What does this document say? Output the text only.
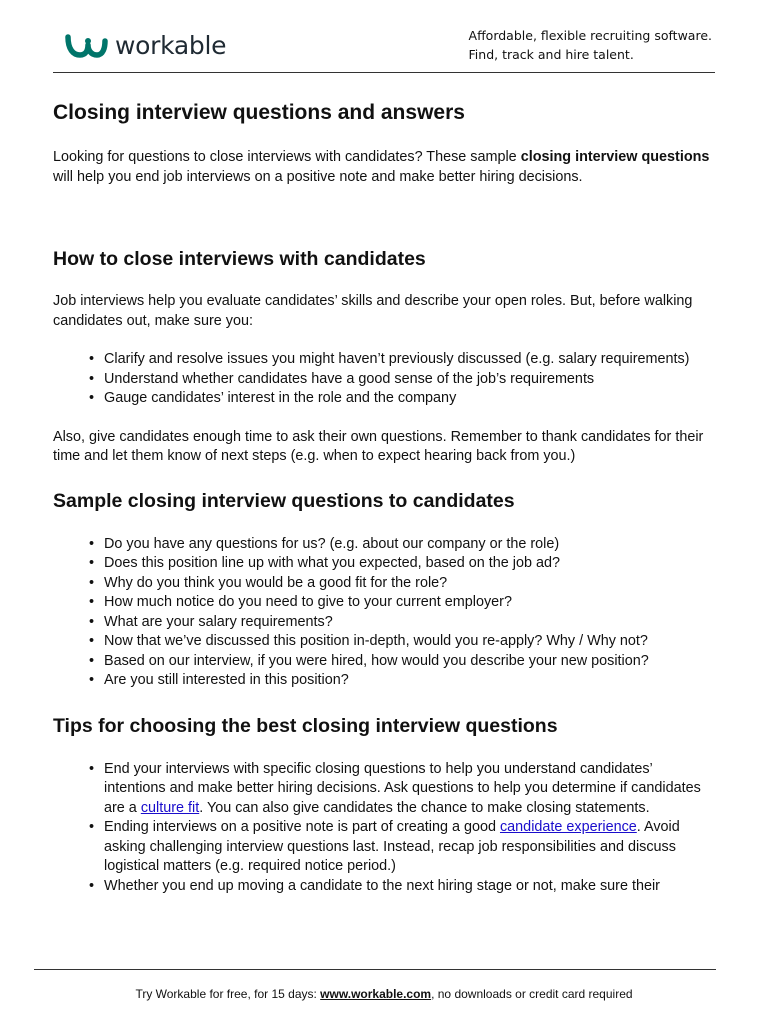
workable	Affordable, flexible recruiting software.
Find, track and hire talent.
Closing interview questions and answers

Looking for questions to close interviews with candidates? These sample closing interview questions will help you end job interviews on a positive note and make better hiring decisions.

How to close interviews with candidates

Job interviews help you evaluate candidates’ skills and describe your open roles. But, before walking candidates out, make sure you:

• Clarify and resolve issues you might haven’t previously discussed (e.g. salary requirements)
• Understand whether candidates have a good sense of the job’s requirements
• Gauge candidates’ interest in the role and the company

Also, give candidates enough time to ask their own questions. Remember to thank candidates for their time and let them know of next steps (e.g. when to expect hearing back from you.)

Sample closing interview questions to candidates
• Do you have any questions for us? (e.g. about our company or the role)
• Does this position line up with what you expected, based on the job ad?
• Why do you think you would be a good fit for the role?
• How much notice do you need to give to your current employer?
• What are your salary requirements?
• Now that we’ve discussed this position in-depth, would you re-apply? Why / Why not?
• Based on our interview, if you were hired, how would you describe your new position?
• Are you still interested in this position?
Tips for choosing the best closing interview questions
• End your interviews with specific closing questions to help you understand candidates’ intentions and make better hiring decisions. Ask questions to help you determine if candidates are a culture fit. You can also give candidates the chance to make closing statements.
• Ending interviews on a positive note is part of creating a good candidate experience. Avoid asking challenging interview questions last. Instead, recap job responsibilities and discuss logistical matters (e.g. required notice period.)
• Whether you end up moving a candidate to the next hiring stage or not, make sure their
Try Workable for free, for 15 days: www.workable.com, no downloads or credit card required
